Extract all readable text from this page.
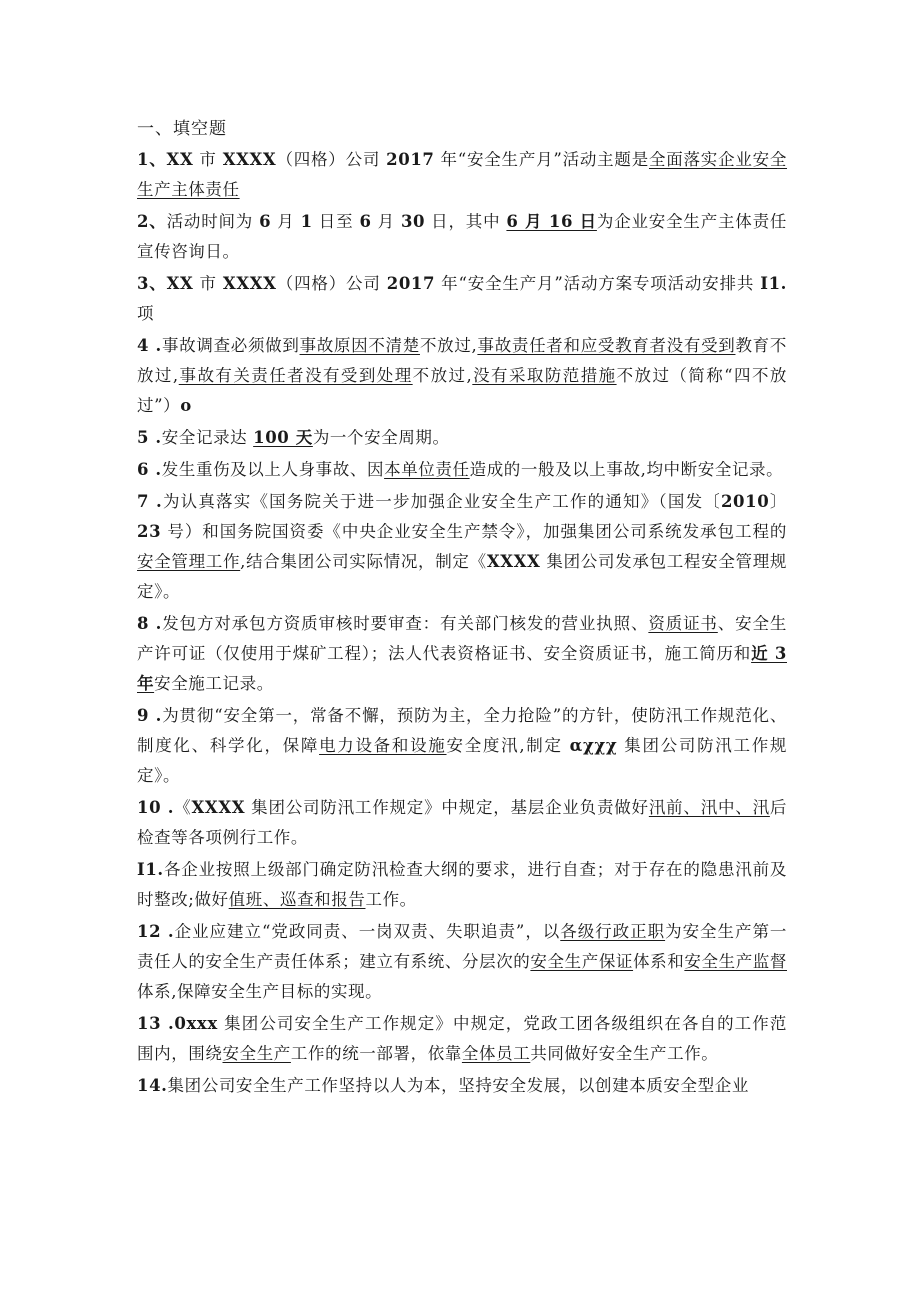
一、填空题
1、XX 市 XXXX（四格）公司 2017 年“安全生产月”活动主题是全面落实企业安全生产主体责任
2、活动时间为 6 月 1 日至 6 月 30 日，其中 6 月 16 日为企业安全生产主体责任宣传咨询日。
3、XX 市 XXXX（四格）公司 2017 年“安全生产月”活动方案专项活动安排共 I1. 项
4 .事故调查必须做到事故原因不清楚不放过,事故责任者和应受教育者没有受到教育不放过,事故有关责任者没有受到处理不放过,没有采取防范措施不放过（简称“四不放过”）o
5 .安全记录达 100 天为一个安全周期。
6 .发生重伤及以上人身事故、因本单位责任造成的一般及以上事故,均中断安全记录。
7 .为认真落实《国务院关于进一步加强企业安全生产工作的通知》（国发〔2010〕23 号）和国务院国资委《中央企业安全生产禁令》，加强集团公司系统发承包工程的安全管理工作,结合集团公司实际情况，制定《XXXX 集团公司发承包工程安全管理规定》。
8 .发包方对承包方资质审核时要审查：有关部门核发的营业执照、资质证书、安全生产许可证（仅使用于煤矿工程）；法人代表资格证书、安全资质证书，施工简历和近 3 年安全施工记录。
9 .为贯彻“安全第一，常备不懈，预防为主，全力抢险”的方针，使防汛工作规范化、制度化、科学化，保障电力设备和设施安全度汛,制定 αχχχ 集团公司防汛工作规定》。
10 .《XXXX 集团公司防汛工作规定》中规定，基层企业负责做好汛前、汛中、汛后检查等各项例行工作。
I1.各企业按照上级部门确定防汛检查大纲的要求，进行自查；对于存在的隐患汛前及时整改;做好值班、巡查和报告工作。
12 .企业应建立“党政同责、一岗双责、失职追责”，以各级行政正职为安全生产第一责任人的安全生产责任体系；建立有系统、分层次的安全生产保证体系和安全生产监督体系,保障安全生产目标的实现。
13 .0xxx 集团公司安全生产工作规定》中规定，党政工团各级组织在各自的工作范围内，围绕安全生产工作的统一部署，依靠全体员工共同做好安全生产工作。
14.集团公司安全生产工作坚持以人为本，坚持安全发展，以创建本质安全型企业
